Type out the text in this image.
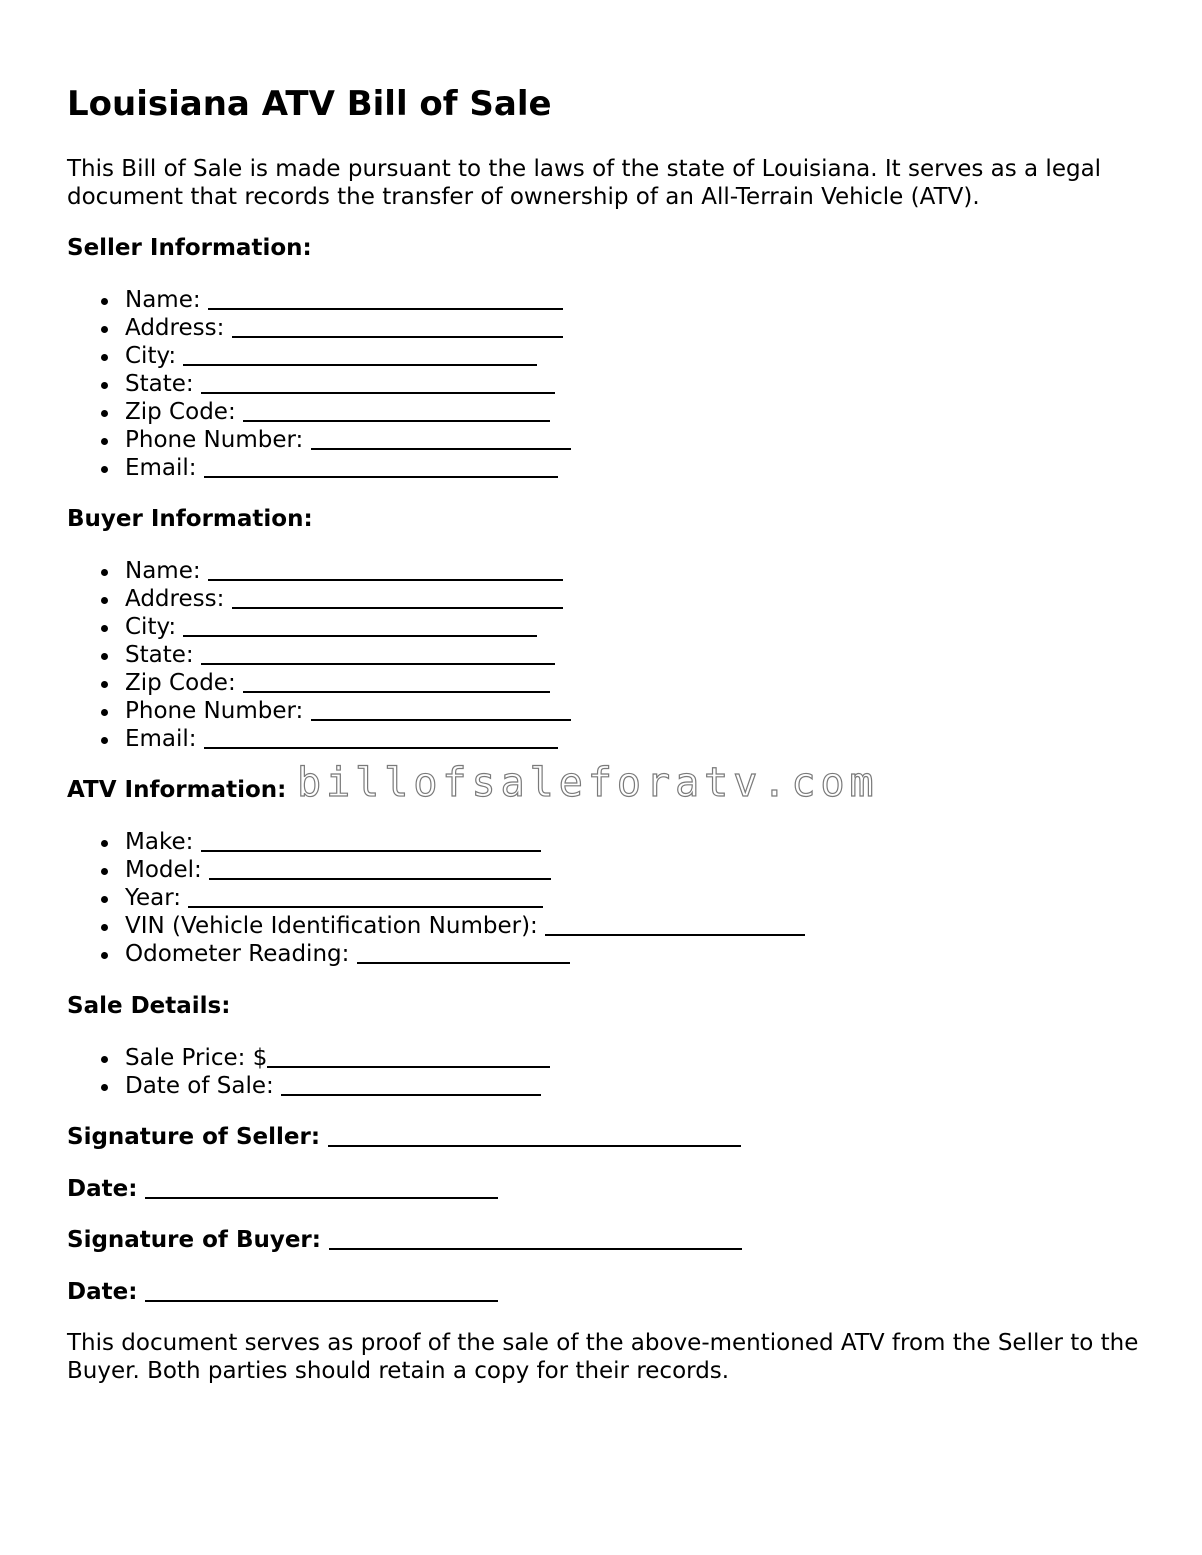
Louisiana ATV Bill of Sale

This Bill of Sale is made pursuant to the laws of the state of Louisiana. It serves as a legal document that records the transfer of ownership of an All-Terrain Vehicle (ATV).

Seller Information:
Name:
Address:
City:
State:
Zip Code:
Phone Number:
Email:
Buyer Information:
Name:
Address:
City:
State:
Zip Code:
Phone Number:
Email:
ATV Information:
Make:
Model:
Year:
VIN (Vehicle Identification Number):
Odometer Reading:
Sale Details:
Sale Price: $
Date of Sale:
Signature of Seller:
Date:
Signature of Buyer:
Date:

This document serves as proof of the sale of the above-mentioned ATV from the Seller to the Buyer. Both parties should retain a copy for their records.

billofsaleforatv.com
